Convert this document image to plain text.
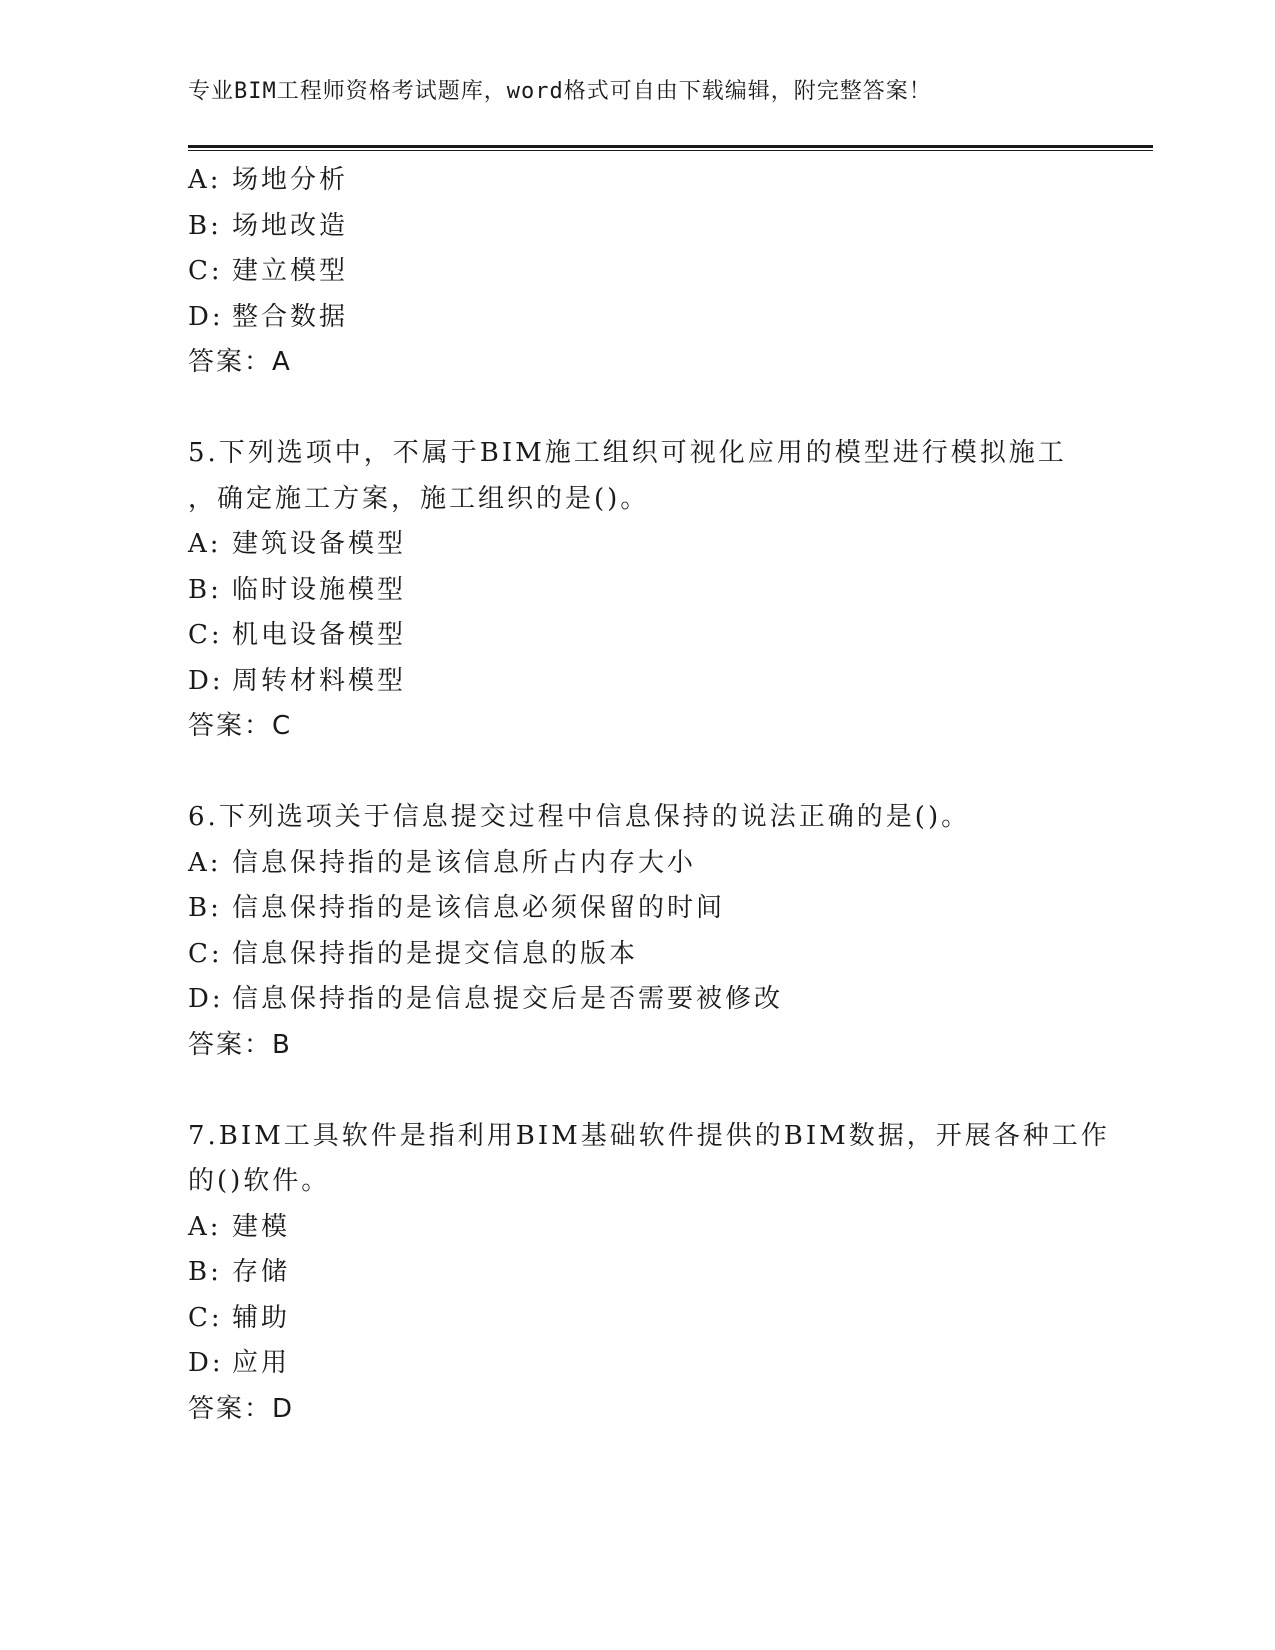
专业BIM工程师资格考试题库，word格式可自由下载编辑，附完整答案！
A: 场地分析
B: 场地改造
C: 建立模型
D: 整合数据
答案：A
5.下列选项中，不属于BIM施工组织可视化应用的模型进行模拟施工
，确定施工方案，施工组织的是()。
A: 建筑设备模型
B: 临时设施模型
C: 机电设备模型
D: 周转材料模型
答案：C
6.下列选项关于信息提交过程中信息保持的说法正确的是()。
A: 信息保持指的是该信息所占内存大小
B: 信息保持指的是该信息必须保留的时间
C: 信息保持指的是提交信息的版本
D: 信息保持指的是信息提交后是否需要被修改
答案：B
7.BIM工具软件是指利用BIM基础软件提供的BIM数据，开展各种工作
的()软件。
A: 建模
B: 存储
C: 辅助
D: 应用
答案：D
